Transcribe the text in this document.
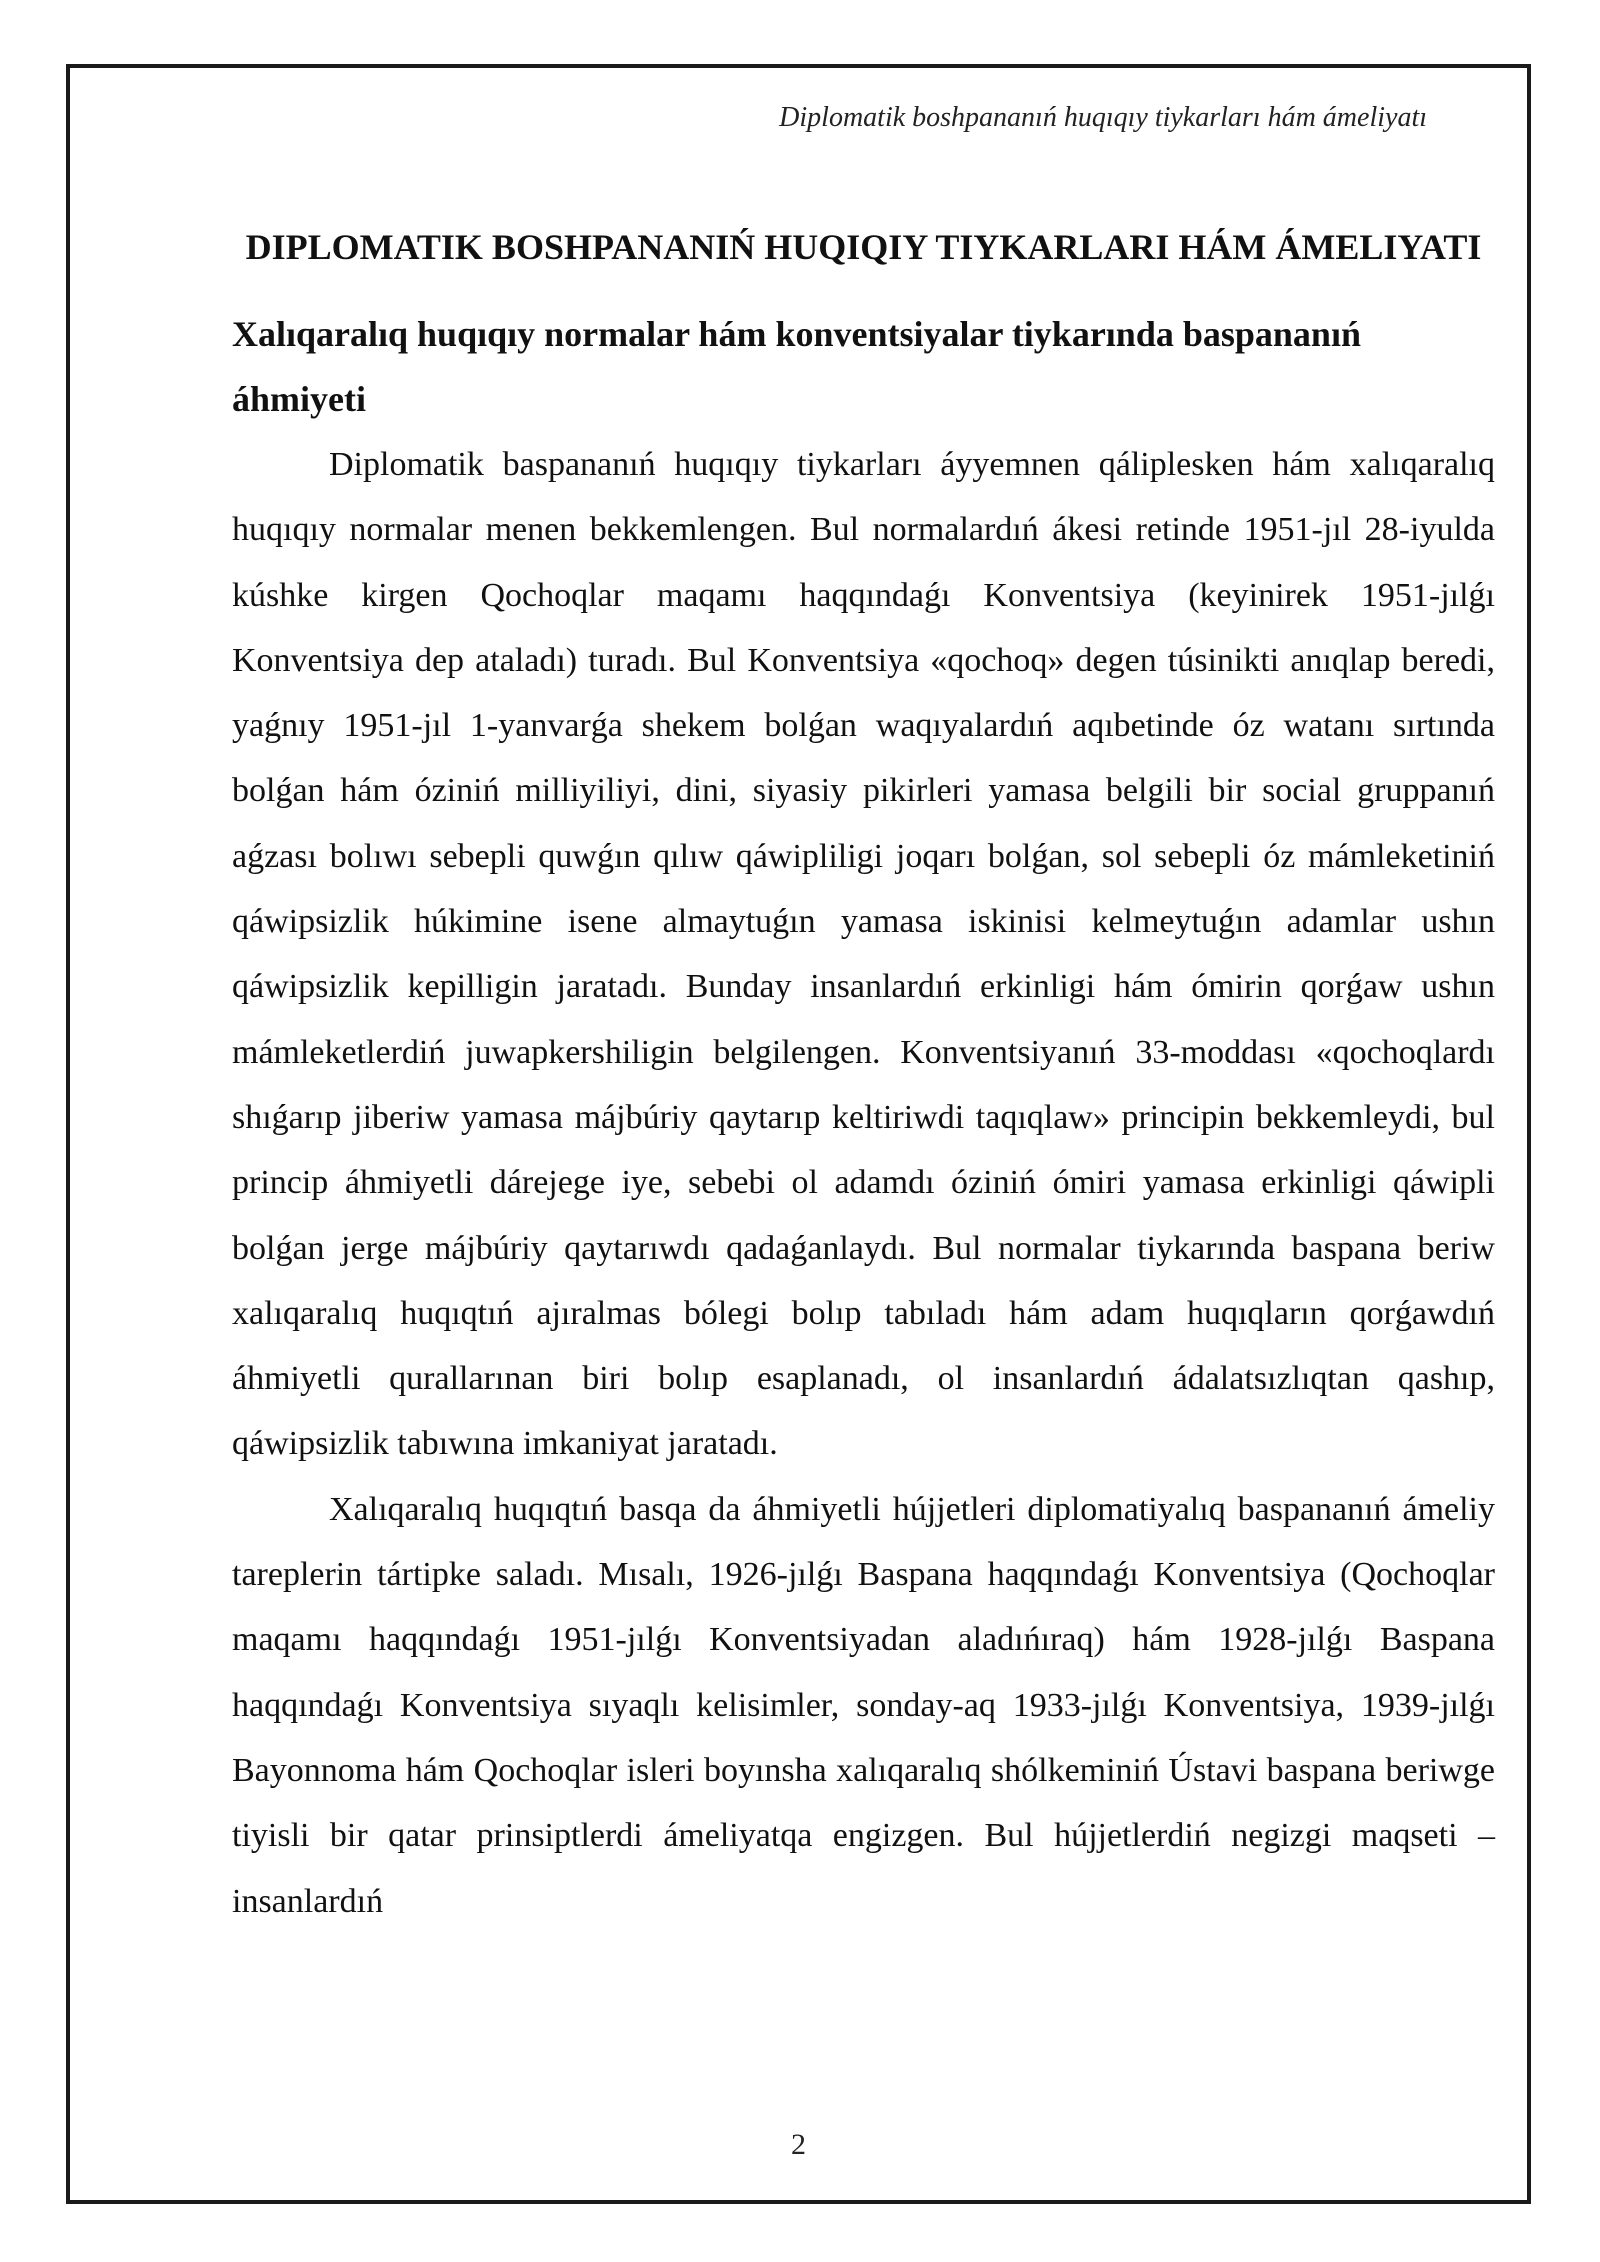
Diplomatik boshpananıń huqıqıy tiykarları hám ámeliyatı
DIPLOMATIK BOSHPANANIŃ HUQIQIY TIYKARLARI HÁM ÁMELIYATI
Xalıqaralıq huqıqıy normalar hám konventsiyalar tiykarında baspananıń áhmiyeti

Diplomatik baspananıń huqıqıy tiykarları áyyemnen qálіplesken hám xalıqaralıq huqıqıy normalar menen bekkemlengen. Bul normalardıń ákesi retinde 1951-jıl 28-iyulda kúshke kirgen Qochoqlar maqamı haqqındaǵı Konventsiya (keyinirek 1951-jılǵı Konventsiya dep ataladı) turadı. Bul Konventsiya «qochoq» degen túsinikti anıqlap beredi, yaǵnıy 1951-jıl 1-yanvarǵa shekem bolǵan waqıyalardıń aqıbetinde óz watanı sırtında bolǵan hám óziniń milliyiliyi, dini, siyasiy pikirleri yamasa belgili bir social gruppanıń aǵzası bolıwı sebepli quwǵın qılıw qáwipliligi joqarı bolǵan, sol sebepli óz mámleketiniń qáwipsizlik húkimine isene almaytuǵın yamasa iskinisi kelmeytuǵın adamlar ushın qáwipsizlik kepilligin jaratadı. Bunday insanlardıń erkinligi hám ómirin qorǵaw ushın mámleketlerdiń juwapkershiligin belgilengen. Konventsiyanıń 33-moddası «qochoqlardı shıǵarıp jiberiw yamasa májbúriy qaytarıp keltiriwdi taqıqlaw» principin bekkemleydi, bul princip áhmiyetli dárejege iye, sebebi ol adamdı óziniń ómiri yamasa erkinligi qáwipli bolǵan jerge májbúriy qaytarıwdı qadaǵanlaydı. Bul normalar tiykarında baspana beriw xalıqaralıq huqıqtıń ajıralmas bólegi bolıp tabıladı hám adam huqıqların qorǵawdıń áhmiyetli qurallarınan biri bolıp esaplanadı, ol insanlardıń ádalatsızlıqtan qashıp, qáwipsizlik tabıwına imkaniyat jaratadı.

Xalıqaralıq huqıqtıń basqa da áhmiyetli hújjetleri diplomatiyalıq baspananıń ámeliy tareplerin tártipke saladı. Mısalı, 1926-jılǵı Baspana haqqındaǵı Konventsiya (Qochoqlar maqamı haqqındaǵı 1951-jılǵı Konventsiyadan aladıńıraq) hám 1928-jılǵı Baspana haqqındaǵı Konventsiya sıyaqlı kelisimler, sonday-aq 1933-jılǵı Konventsiya, 1939-jılǵı Bayonnoma hám Qochoqlar isleri boyınsha xalıqaralıq shólkeminiń Ústavi baspana beriwge tiyisli bir qatar prinsiptlerdi ámeliyatqa engizgen. Bul hújjetlerdiń negizgi maqseti – insanlardıń

2
